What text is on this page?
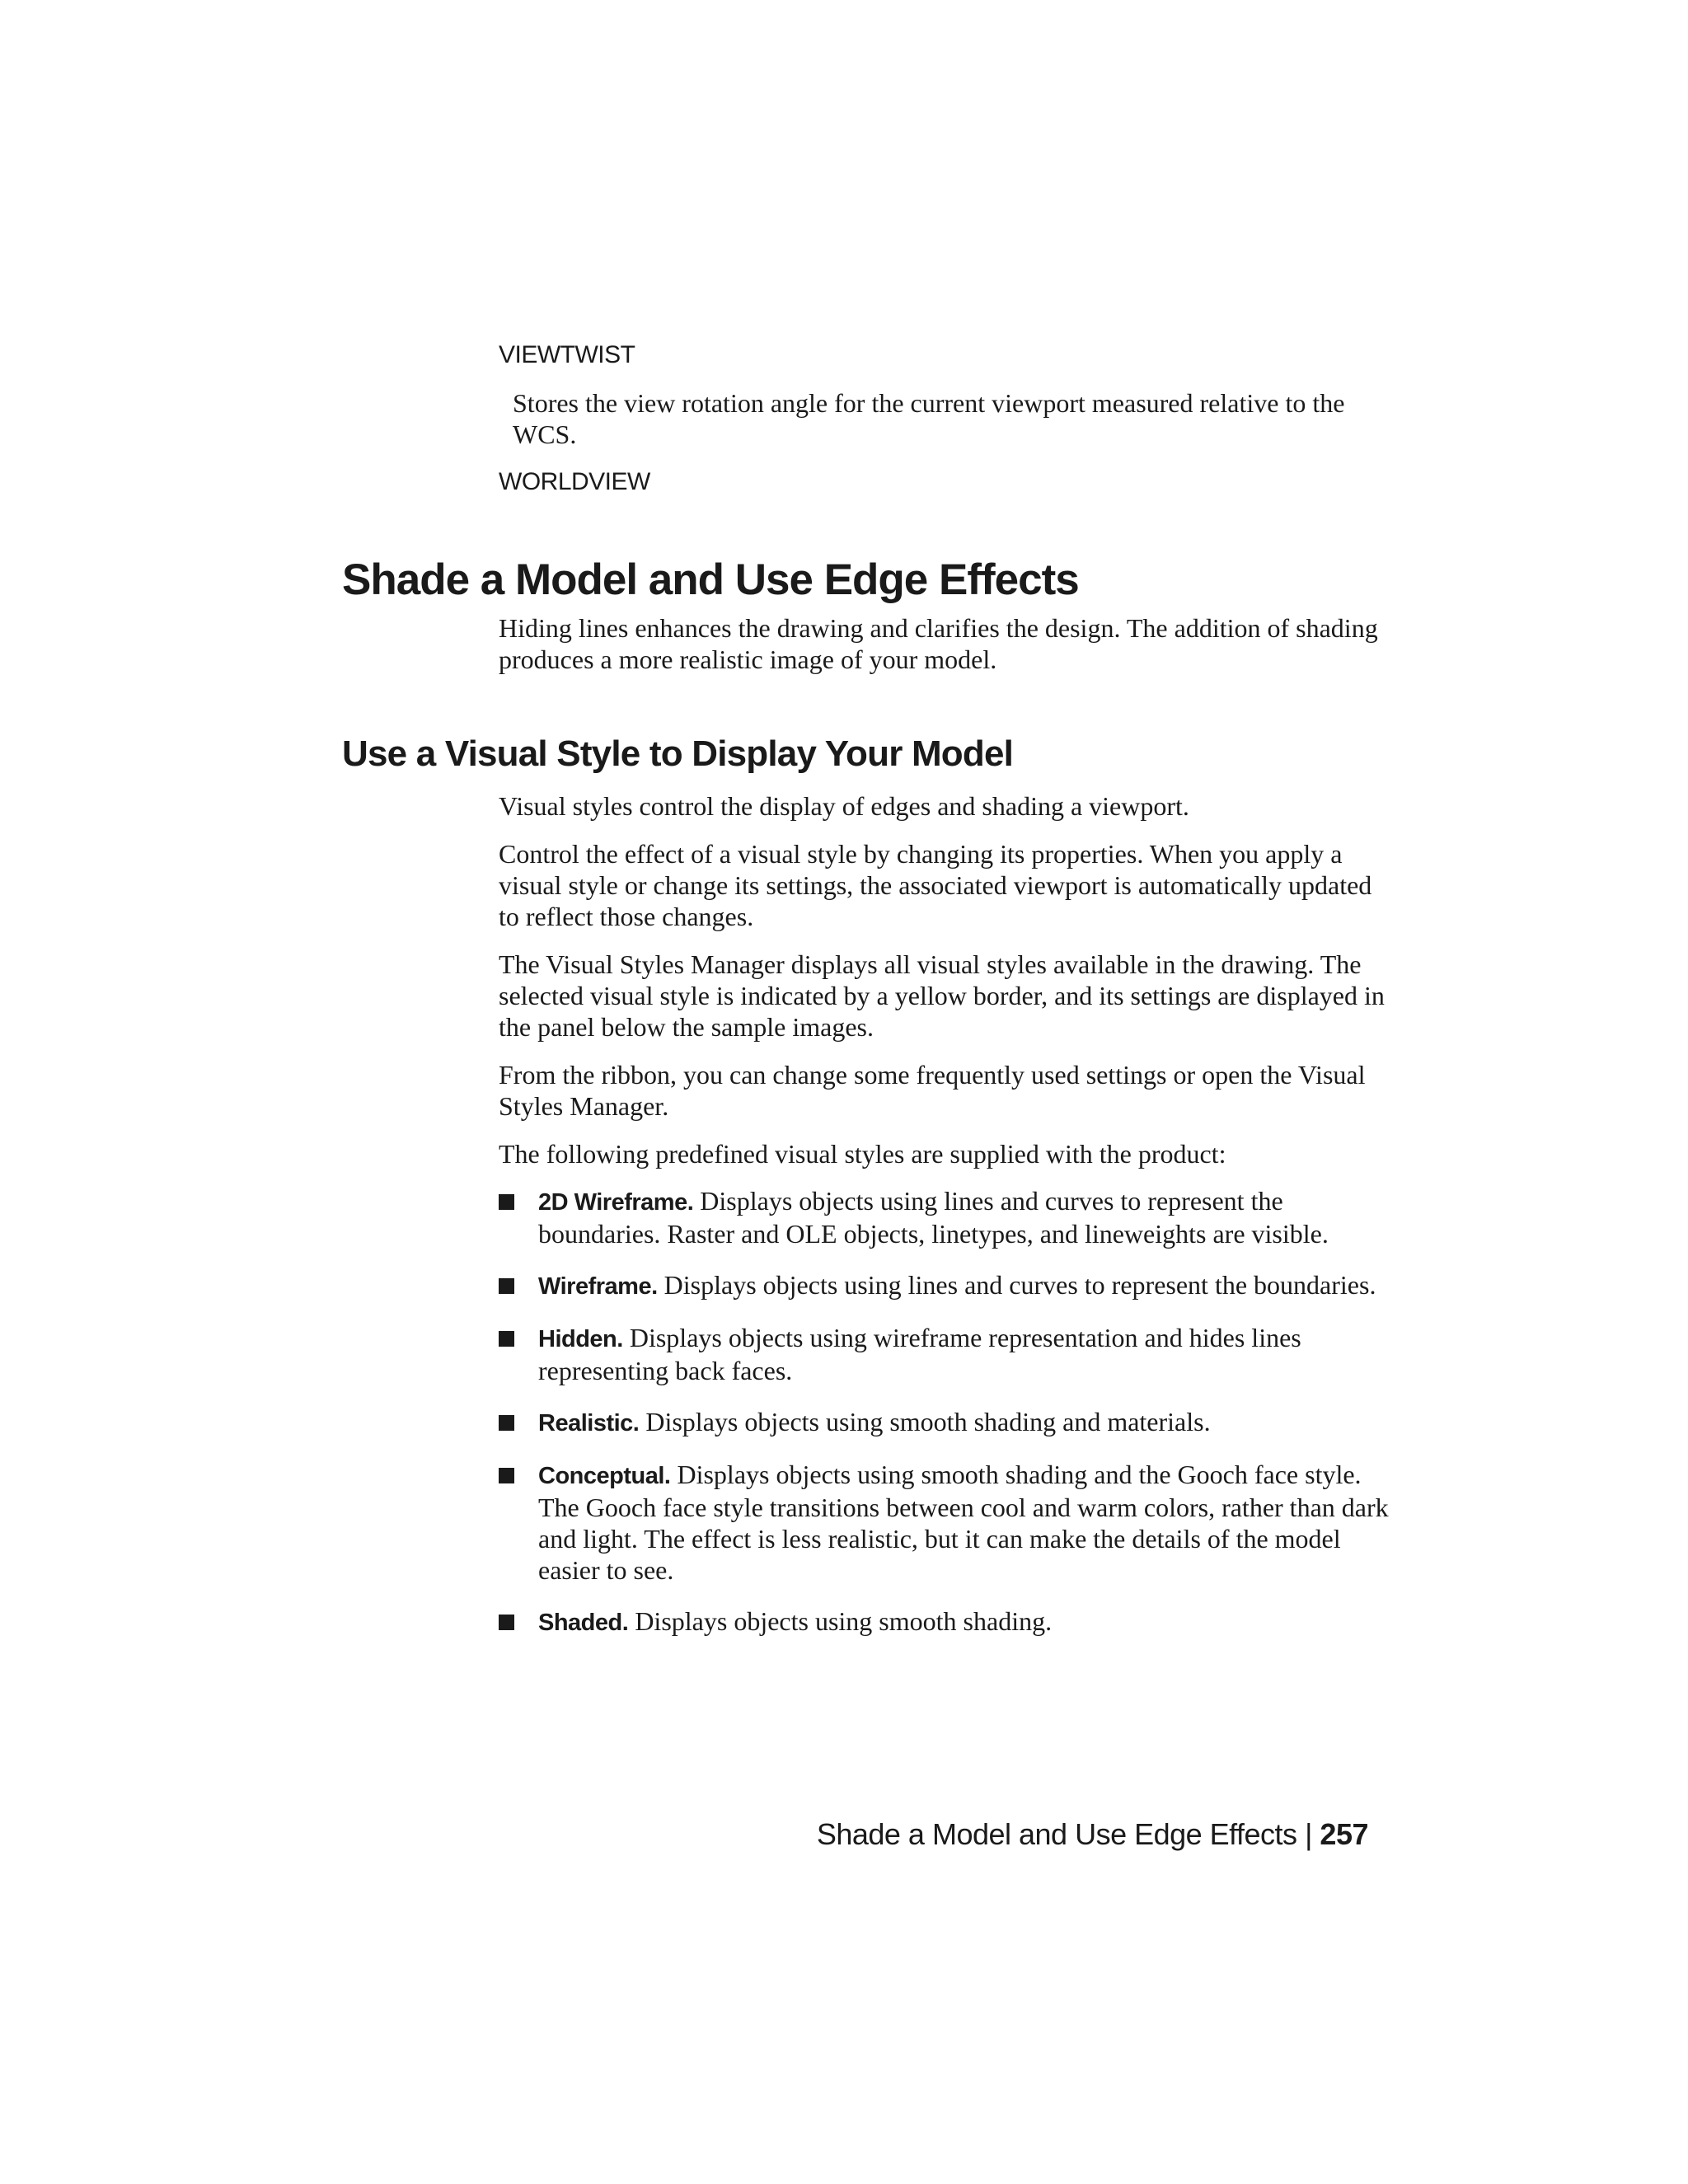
VIEWTWIST
Stores the view rotation angle for the current viewport measured relative to the WCS.
WORLDVIEW
Shade a Model and Use Edge Effects

Hiding lines enhances the drawing and clarifies the design. The addition of shading produces a more realistic image of your model.

Use a Visual Style to Display Your Model

Visual styles control the display of edges and shading a viewport.

Control the effect of a visual style by changing its properties. When you apply a visual style or change its settings, the associated viewport is automatically updated to reflect those changes.

The Visual Styles Manager displays all visual styles available in the drawing. The selected visual style is indicated by a yellow border, and its settings are displayed in the panel below the sample images.

From the ribbon, you can change some frequently used settings or open the Visual Styles Manager.

The following predefined visual styles are supplied with the product:

2D Wireframe. Displays objects using lines and curves to represent the boundaries. Raster and OLE objects, linetypes, and lineweights are visible.
Wireframe. Displays objects using lines and curves to represent the boundaries.
Hidden. Displays objects using wireframe representation and hides lines representing back faces.
Realistic. Displays objects using smooth shading and materials.
Conceptual. Displays objects using smooth shading and the Gooch face style. The Gooch face style transitions between cool and warm colors, rather than dark and light. The effect is less realistic, but it can make the details of the model easier to see.
Shaded. Displays objects using smooth shading.
Shade a Model and Use Edge Effects | 257
